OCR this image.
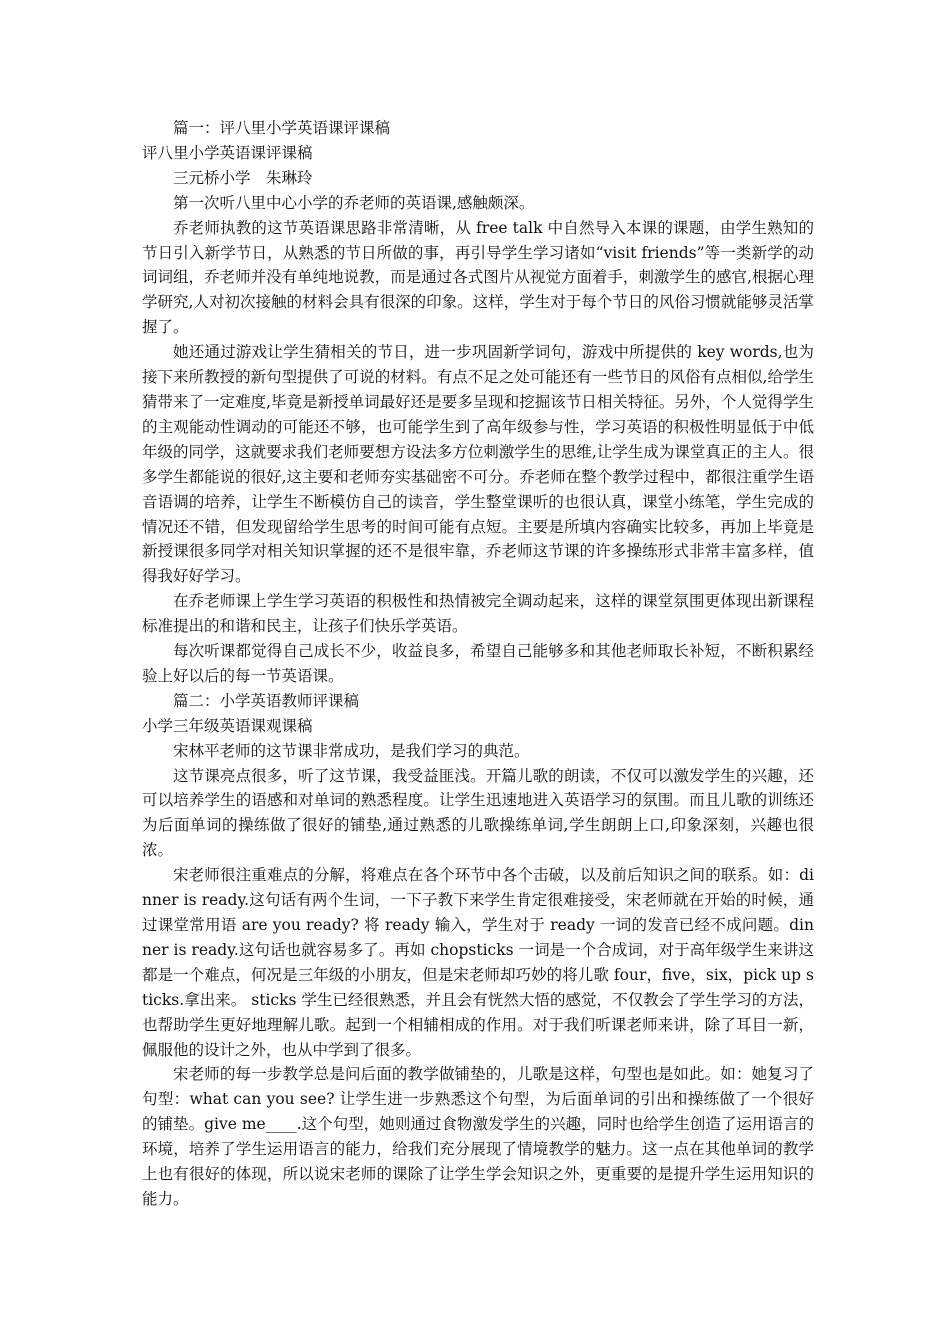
篇一：评八里小学英语课评课稿

评八里小学英语课评课稿

三元桥小学　朱琳玲

第一次听八里中心小学的乔老师的英语课,感触颇深。

乔老师执教的这节英语课思路非常清晰，从 free talk 中自然导入本课的课题，由学生熟知的节日引入新学节日，从熟悉的节日所做的事，再引导学生学习诸如“visit friends”等一类新学的动词词组，乔老师并没有单纯地说教，而是通过各式图片从视觉方面着手，刺激学生的感官,根据心理学研究,人对初次接触的材料会具有很深的印象。这样，学生对于每个节日的风俗习惯就能够灵活掌握了。

她还通过游戏让学生猜相关的节日，进一步巩固新学词句，游戏中所提供的 key words,也为接下来所教授的新句型提供了可说的材料。有点不足之处可能还有一些节日的风俗有点相似,给学生猜带来了一定难度,毕竟是新授单词最好还是要多呈现和挖掘该节日相关特征。另外，个人觉得学生的主观能动性调动的可能还不够，也可能学生到了高年级参与性，学习英语的积极性明显低于中低年级的同学，这就要求我们老师要想方设法多方位刺激学生的思维,让学生成为课堂真正的主人。很多学生都能说的很好,这主要和老师夯实基础密不可分。乔老师在整个教学过程中，都很注重学生语音语调的培养，让学生不断模仿自己的读音，学生整堂课听的也很认真，课堂小练笔，学生完成的情况还不错，但发现留给学生思考的时间可能有点短。主要是所填内容确实比较多，再加上毕竟是新授课很多同学对相关知识掌握的还不是很牢靠，乔老师这节课的许多操练形式非常丰富多样，值得我好好学习。

在乔老师课上学生学习英语的积极性和热情被完全调动起来，这样的课堂氛围更体现出新课程标准提出的和谐和民主，让孩子们快乐学英语。

每次听课都觉得自己成长不少，收益良多，希望自己能够多和其他老师取长补短，不断积累经验上好以后的每一节英语课。

篇二：小学英语教师评课稿

小学三年级英语课观课稿

宋林平老师的这节课非常成功，是我们学习的典范。

这节课亮点很多，听了这节课，我受益匪浅。开篇儿歌的朗读，不仅可以激发学生的兴趣，还可以培养学生的语感和对单词的熟悉程度。让学生迅速地进入英语学习的氛围。而且儿歌的训练还为后面单词的操练做了很好的铺垫,通过熟悉的儿歌操练单词,学生朗朗上口,印象深刻，兴趣也很浓。

宋老师很注重难点的分解，将难点在各个环节中各个击破，以及前后知识之间的联系。如：dinner is ready.这句话有两个生词，一下子教下来学生肯定很难接受，宋老师就在开始的时候，通过课堂常用语 are you ready? 将 ready 输入，学生对于 ready 一词的发音已经不成问题。dinner is ready.这句话也就容易多了。再如 chopsticks 一词是一个合成词，对于高年级学生来讲这都是一个难点，何况是三年级的小朋友，但是宋老师却巧妙的将儿歌 four，five，six，pick up sticks.拿出来。 sticks 学生已经很熟悉，并且会有恍然大悟的感觉，不仅教会了学生学习的方法，也帮助学生更好地理解儿歌。起到一个相辅相成的作用。对于我们听课老师来讲，除了耳目一新，佩服他的设计之外，也从中学到了很多。

宋老师的每一步教学总是问后面的教学做铺垫的，儿歌是这样，句型也是如此。如：她复习了句型：what can you see? 让学生进一步熟悉这个句型，为后面单词的引出和操练做了一个很好的铺垫。give me____.这个句型，她则通过食物激发学生的兴趣，同时也给学生创造了运用语言的环境，培养了学生运用语言的能力，给我们充分展现了情境教学的魅力。这一点在其他单词的教学上也有很好的体现，所以说宋老师的课除了让学生学会知识之外，更重要的是提升学生运用知识的能力。
